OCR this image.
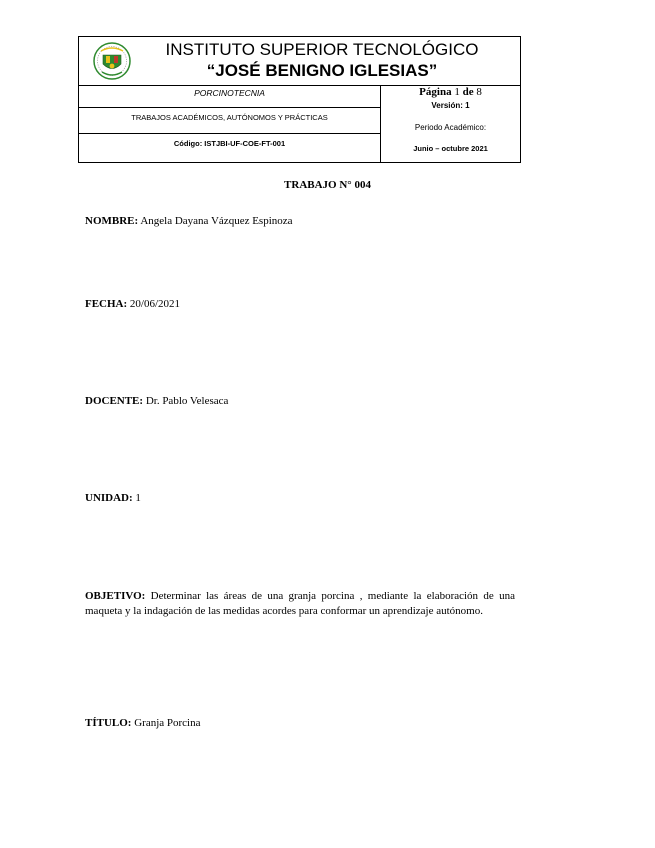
INSTITUTO SUPERIOR TECNOLÓGICO
“JOSÉ BENIGNO IGLESIAS”
PORCINOTECNIA
TRABAJOS ACADÉMICOS, AUTÓNOMOS Y PRÁCTICAS
Código: ISTJBI-UF-COE-FT-001
Página 1 de 8
Versión: 1
Periodo Académico:
Junio – octubre 2021
TRABAJO N° 004
NOMBRE: Angela Dayana Vázquez Espinoza
FECHA: 20/06/2021
DOCENTE: Dr. Pablo Velesaca
UNIDAD: 1
OBJETIVO: Determinar las áreas de una granja porcina , mediante la elaboración de una maqueta y la indagación de las medidas acordes para conformar un aprendizaje autónomo.
TÍTULO: Granja Porcina
